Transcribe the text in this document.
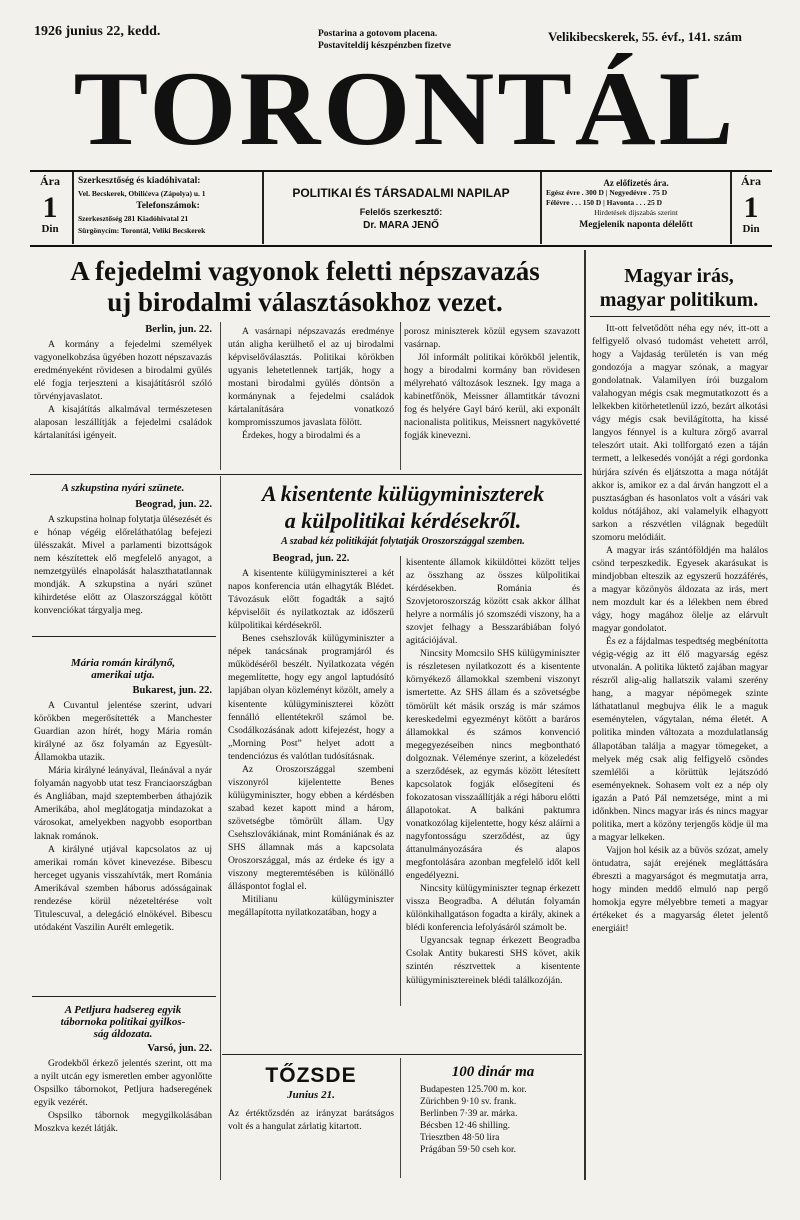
1926 junius 22, kedd.	Postarina a gotovom placena.
Postaviteldij készpénzben fizetve
Velikibecskerek, 55. évf., 141. szám
TORONTÁL
Ára
1
Din
Szerkesztőség és kiadóhivatal:
Vel. Becskerek, Obilićeva (Zápolya) u. 1
Telefonszámok:
Szerkesztőség 281 Kiadóhivatal 21
Sürgönycím: Torontál, Veliki Becskerek
POLITIKAI ÉS TÁRSADALMI NAPILAP
Felelős szerkesztő:
Dr. MARA JENŐ
Az előfizetés ára.
Egész évre . 300 D | Negyedévre . 75 D
Félévre . . . 150 D | Havonta . . . 25 D
Hirdetések díjszabás szerint
Megjelenik naponta délelőtt
Ára
1
Din
A fejedelmi vagyonok feletti népszavazás
uj birodalmi választásokhoz vezet.
Berlin, jun. 22.

A kormány a fejedelmi személyek vagyonelkobzása ügyében hozott népszavazás eredményeként rövidesen a birodalmi gyülés elé fogja terjeszteni a kisajátításról szóló törvényjavaslatot.

A kisajátítás alkalmával természetesen alaposan leszállítják a fejedelmi családok kártalanítási igényeit.

A vasárnapi népszavazás eredménye után aligha kerülhető el az uj birodalmi képviselőválasztás. Politikai körökben ugyanis lehetetlennek tartják, hogy a mostani birodalmi gyülés döntsön a kormánynak a fejedelmi családok kártalanítására vonatkozó kompromisszumos javaslata fölött.

Érdekes, hogy a birodalmi és a

porosz miniszterek közül egysem szavazott vasárnap.

Jól informált politikai körökből jelentik, hogy a birodalmi kormány ban rövidesen mélyreható változások lesznek. Igy maga a kabinetfőnök, Meissner államtitkár távozni fog és helyére Gayl báró kerül, aki exponált nacionalista politikus, Meissnert nagykövetté fogják kinevezni.

Magyar irás,
magyar politikum.

Itt-ott felvetődött néha egy név, itt-ott a felfigyelő olvasó tudomást vehetett arról, hogy a Vajdaság területén is van még gondozója a magyar szónak, a magyar gondolatnak. Valamilyen írói buzgalom valahogyan mégis csak megmutatkozott és a lelkekben kitörhetetlenül izzó, bezárt alkotási vágy mégis csak bevilágította, ha kissé langyos fénnyel is a kultura zörgő avarral teleszórt utait. Aki tollforgató ezen a táján termett, a lelkesedés vonóját a régi gordonka húrjára szívén és eljátszotta a maga nótáját akkor is, amikor ez a dal árván hangzott el a pusztaságban és hasonlatos volt a vásári vak koldus nótájához, aki valamelyik elhagyott sarkon a részvétlen világnak begedült szomoru melódiáit.

A magyar irás szántóföldjén ma halálos csönd terpeszkedik. Egyesek akarásukat is mindjobban elteszik az egyszerű hozzáférés, a magyar közönyös áldozata az irás, mert nem mozdult kar és a lélekben nem ébred vágy, hogy magához ölelje az elárvult magyar gondolatot.

És ez a fájdalmas tespedtség megbénította végig-végig az itt élő magyarság egész utvonalán. A politika lüktető zajában magyar részről alig-alig hallatszik valami szerény hang, a magyar népömegek szinte láthatatlanul megbujva élik le a maguk eseménytelen, vágytalan, néma életét. A politika minden változata a mozdulatlanság állapotában találja a magyar tömegeket, a melyek még csak alig felfigyelő csöndes szemlélői a körüttük lejátszódó eseményeknek. Sohasem volt ez a nép oly igazán a Pató Pál nemzetsége, mint a mi időnkben. Nincs magyar irás és nincs magyar politika, mert a közöny terjengős ködje ül ma a magyar lelkeken.

Vajjon hol késik az a büvös szózat, amely öntudatra, saját erejének megláttására ébreszti a magyarságot és megmutatja arra, hogy minden meddő elmuló nap pergő homokja egyre mélyebbre temeti a magyar értékeket és a magyarság életet jelentő energiáit!

A szkupstina nyári szünete.
Beograd, jun. 22.

A szkupstina holnap folytatja ülésezését és e hónap végéig előreláthatólag befejezi ülésszakát. Mivel a parlamenti bizottságok nem készítettek elő megfelelő anyagot, a nemzetgyülés elnapolását halaszthatatlannak mondják. A szkupstina a nyári szünet kihirdetése előtt az Olaszországgal kötött konvenciókat tárgyalja meg.

Mária román királynő,
amerikai utja.
Bukarest, jun. 22.

A Cuvantul jelentése szerint, udvari körökben megerősítették a Manchester Guardian azon hírét, hogy Mária román királyné az ősz folyamán az Egyesült-Államokba utazik.

Mária királyné leányával, Ileánával a nyár folyamán nagyobb utat tesz Franciaországban és Angliában, majd szeptemberben áthajózik Amerikába, ahol meglátogatja mindazokat a városokat, amelyekben nagyobb esoportban laknak románok.

A királyné utjával kapcsolatos az uj amerikai román követ kinevezése. Bibescu herceget ugyanis visszahívták, mert Románia Amerikával szemben háborus adósságainak rendezése körül nézeteltérése volt Titulescuval, a delegáció elnökével. Bibescu utódaként Vaszilin Aurélt emlegetik.

A Petljura hadsereg egyik
tábornoka politikai gyilkos-
ság áldozata.
Varsó, jun. 22.

Grodekből érkező jelentés szerint, ott ma a nyilt utcán egy ismeretlen ember agyonlőtte Ospsilko tábornokot, Petljura hadseregének egyik vezérét.

Ospsilko tábornok megygilkolásában Moszkva kezét látják.

A kisentente külügyminiszterek
a külpolitikai kérdésekről.
A szabad kéz politikáját folytatják Oroszországgal szemben.
Beograd, jun. 22.

A kisentente külügyminiszterei a két napos konferencia után elhagyták Blédet. Távozásuk előtt fogadták a sajtó képviselőit és nyilatkoztak az időszerű külpolitikai kérdésekről.

Benes csehszlovák külügyminiszter a népek tanácsának programjáról és működéséről beszélt. Nyilatkozata végén megemlítette, hogy egy angol laptudósító lapjában olyan közleményt közölt, amely a kisentente külügyminiszterei között fennálló ellentétekről számol be. Csodálkozásának adott kifejezést, hogy a „Morning Post” helyet adott a tendenciózus és valótlan tudósításnak.

Az Oroszországgal szembeni viszonyról kijelentette Benes külügyminiszter, hogy ebben a kérdésben szabad kezet kapott mind a három, szövetségbe tömörült állam. Ugy Csehszlovákiának, mint Romániának és az SHS államnak más a kapcsolata Oroszországgal, más az érdeke és igy a viszony megteremtésében is különálló álláspontot foglal el.

Mitilianu külügyminiszter megállapította nyilatkozatában, hogy a

kisentente államok kiküldöttei között teljes az összhang az összes külpolitikai kérdésekben. Románia és Szovjetoroszország között csak akkor állhat helyre a normális jó szomszédi viszony, ha a szovjet felhagy a Besszarábiában folyó agitációjával.

Nincsity Momcsilo SHS külügyminiszter is részletesen nyilatkozott és a kisentente környékező államokkal szembeni viszonyt ismertette. Az SHS állam és a szövetségbe tömörült két másik ország is már számos kereskedelmi egyezményt kötött a baráros államokkal és számos konvenció megegyezéseiben nincs megbontható dolgoznak. Véleménye szerint, a közeledést a szerződések, az egymás között létesített kapcsolatok fogják elősegíteni és fokozatosan visszaállítják a régi háboru előtti állapotokat. A balkáni paktumra vonatkozólag kijelentette, hogy kész aláírni a nagyfontosságu szerződést, az ügy áttanulmányozására és alapos megfontolására azonban megfelelő időt kell engedélyezni.

Nincsity külügyminiszter tegnap érkezett vissza Beogradba. A délután folyamán különkihallgatáson fogadta a király, akinek a blédi konferencia lefolyásáról számolt be.

Ugyancsak tegnap érkezett Beogradba Csolak Antity bukaresti SHS követ, akik szintén résztvettek a kisentente külügyminisztereinek blédi találkozóján.

TŐZSDE
Junius 21.
Az értéktőzsdén az irányzat barátságos volt és a hangulat zárlatig kitartott.
100 dinár ma
Budapesten 125.700 m. kor.
Zürichben 9·10 sv. frank.
Berlinben 7·39 ar. márka.
Bécsben 12·46 shilling.
Triesztben 48·50 lira
Prágában 59·50 cseh kor.
